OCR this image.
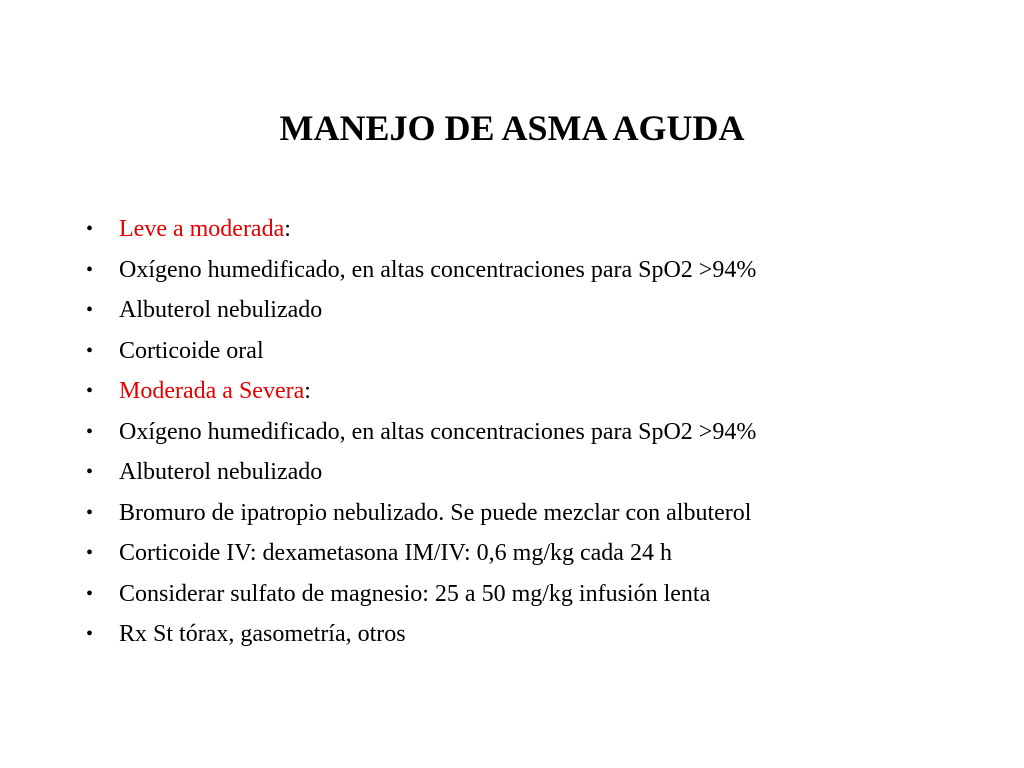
MANEJO DE ASMA AGUDA
• Leve a moderada:
• Oxígeno humedificado, en altas concentraciones para SpO2 >94%
• Albuterol nebulizado
• Corticoide oral
• Moderada a Severa:
• Oxígeno humedificado, en altas concentraciones para SpO2 >94%
• Albuterol nebulizado
• Bromuro de ipatropio nebulizado. Se puede mezclar con albuterol
• Corticoide IV: dexametasona IM/IV: 0,6 mg/kg cada 24 h
• Considerar sulfato de magnesio: 25 a 50 mg/kg infusión lenta
• Rx St tórax, gasometría, otros
